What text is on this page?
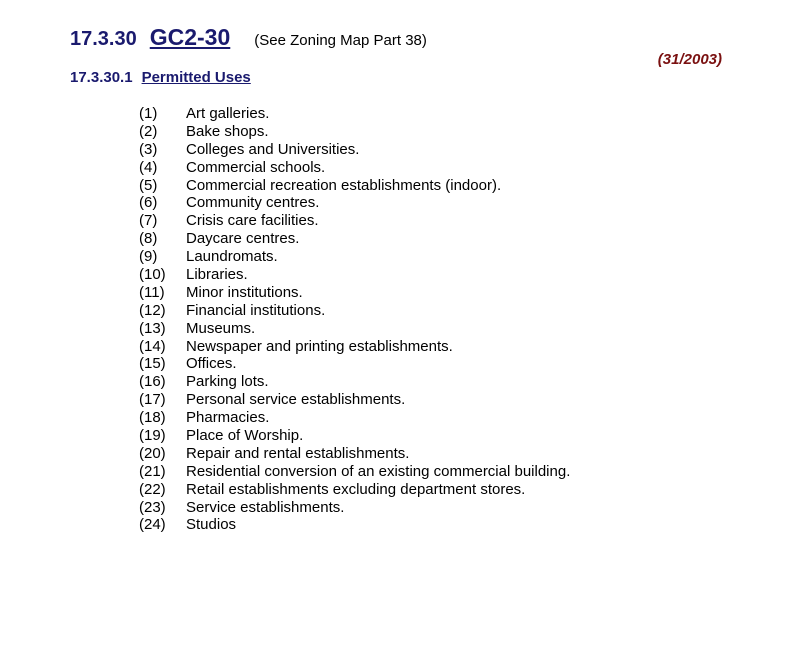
17.3.30 GC2-30 (See Zoning Map Part 38)
(31/2003)
17.3.30.1 Permitted Uses
(1) Art galleries.
(2) Bake shops.
(3) Colleges and Universities.
(4) Commercial schools.
(5) Commercial recreation establishments (indoor).
(6) Community centres.
(7) Crisis care facilities.
(8) Daycare centres.
(9) Laundromats.
(10) Libraries.
(11) Minor institutions.
(12) Financial institutions.
(13) Museums.
(14) Newspaper and printing establishments.
(15) Offices.
(16) Parking lots.
(17) Personal service establishments.
(18) Pharmacies.
(19) Place of Worship.
(20) Repair and rental establishments.
(21) Residential conversion of an existing commercial building.
(22) Retail establishments excluding department stores.
(23) Service establishments.
(24) Studios
